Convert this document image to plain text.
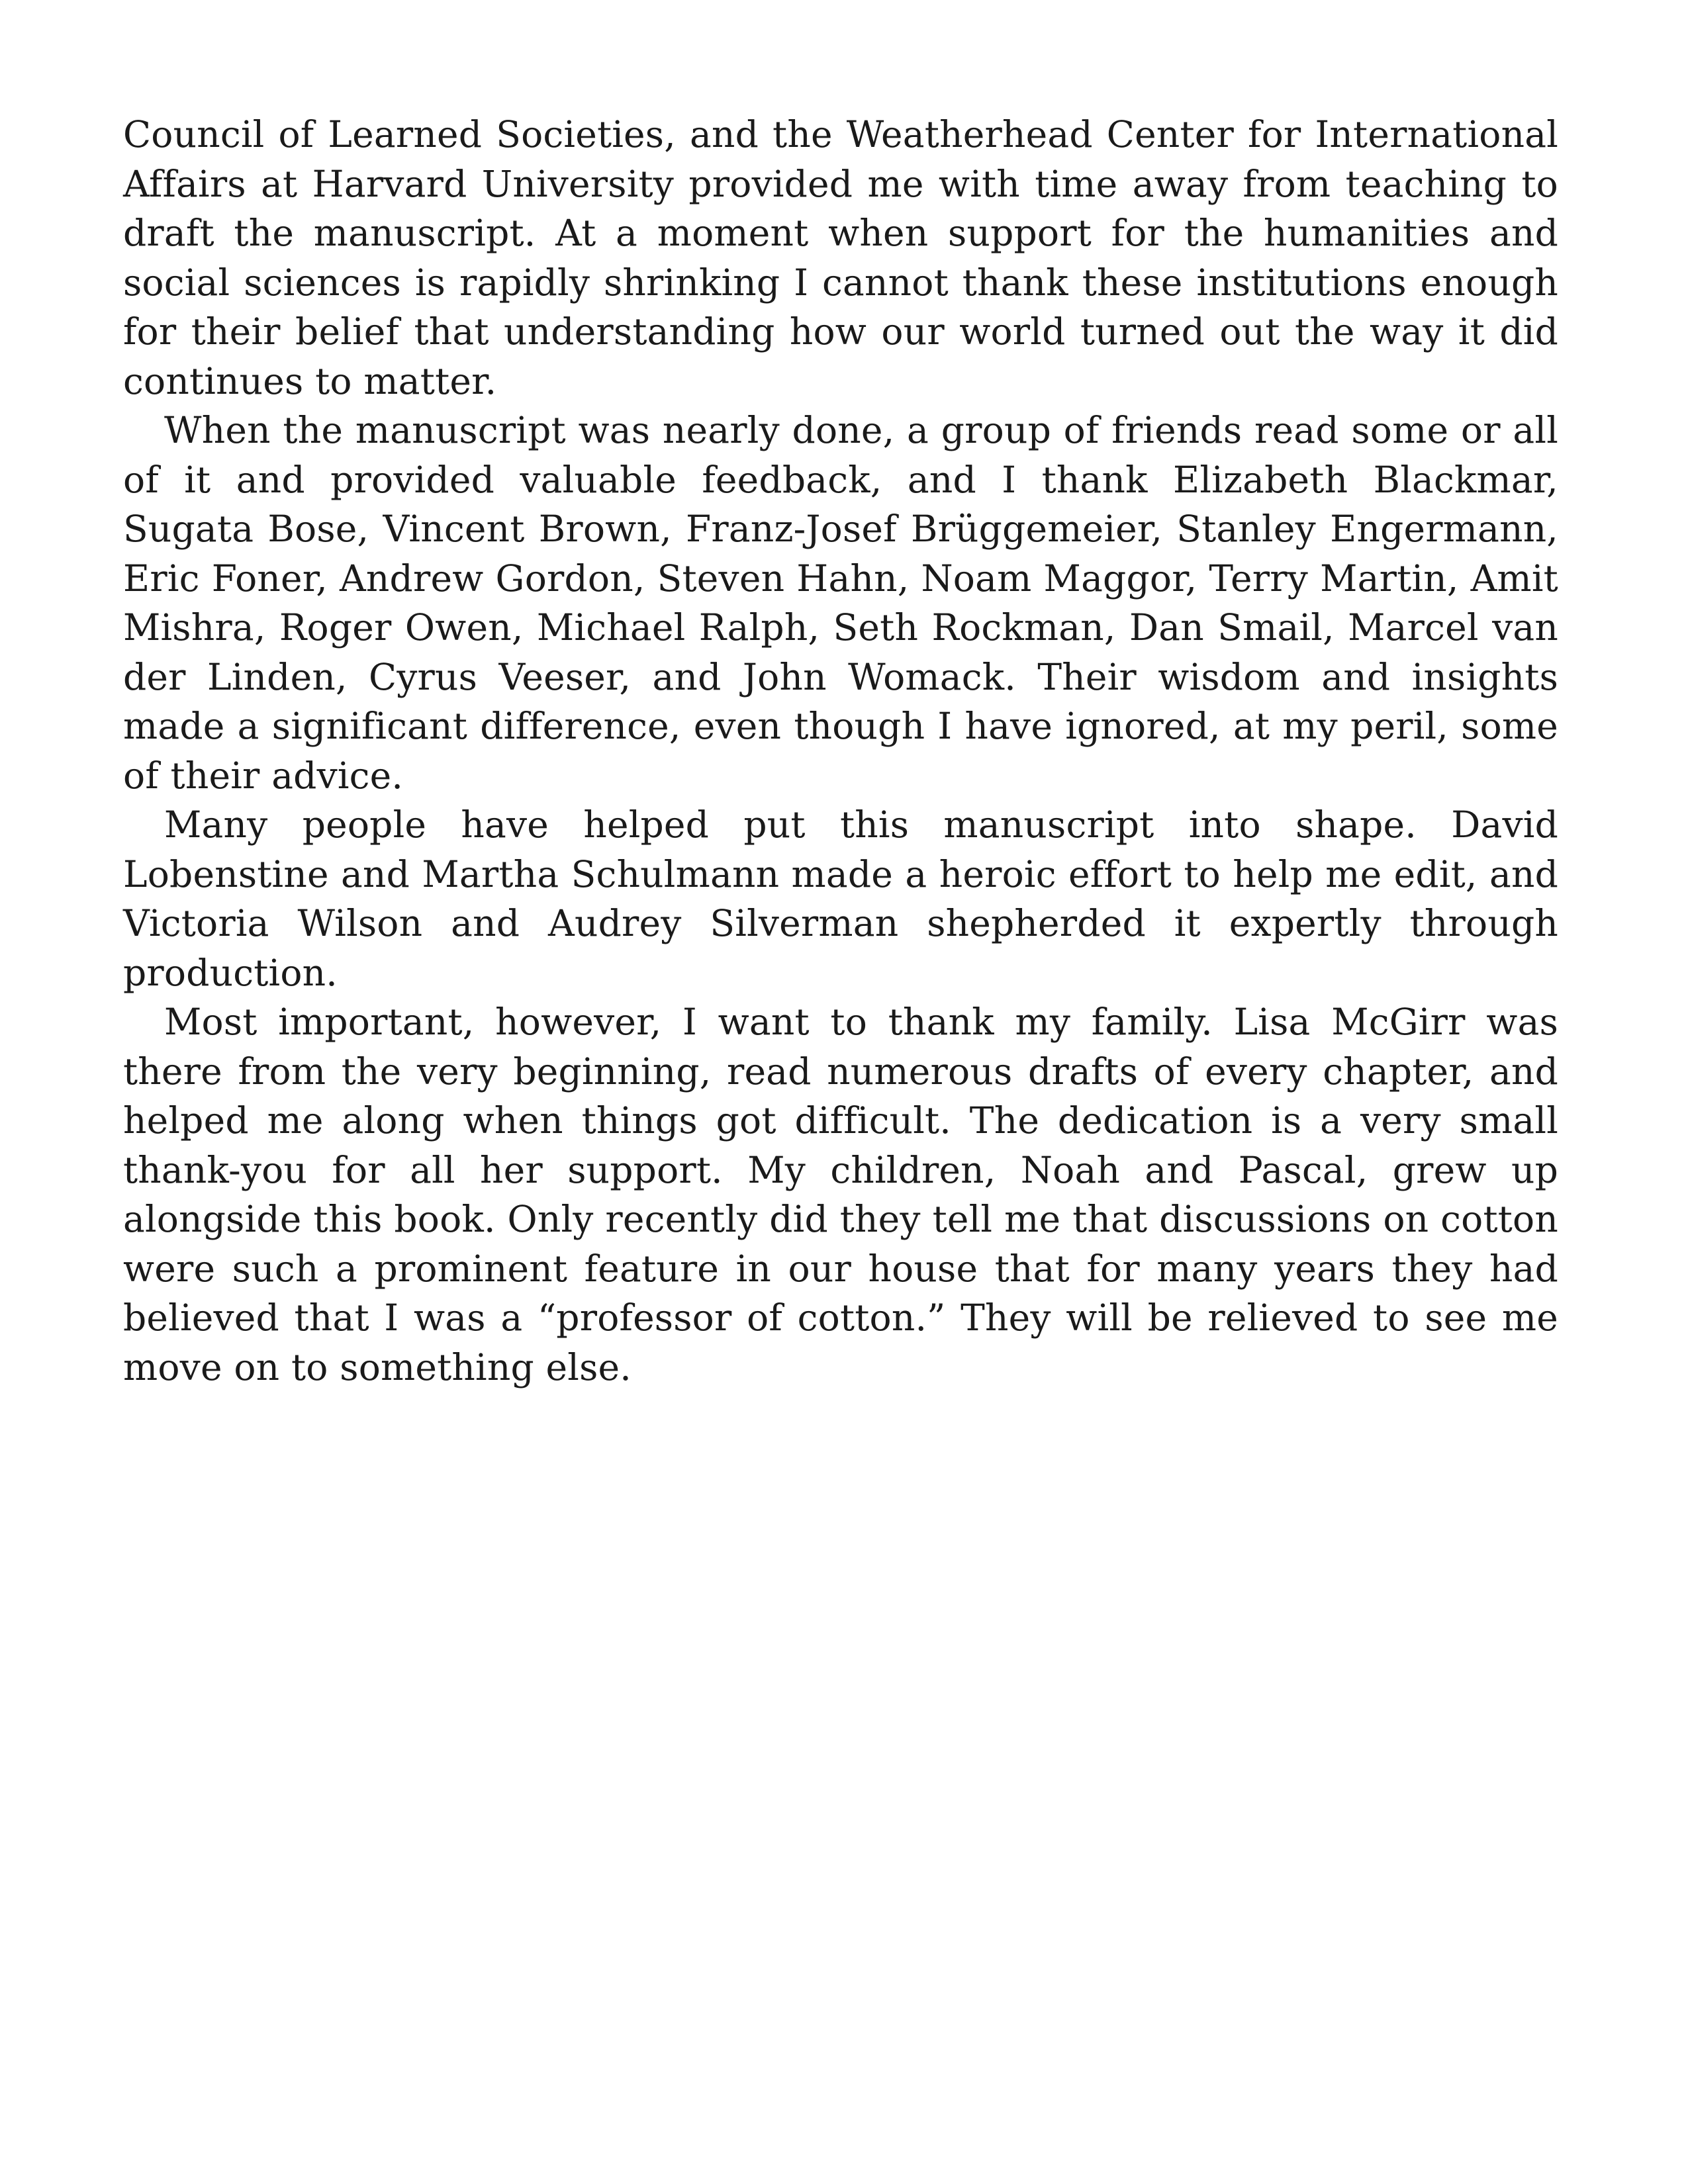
Council of Learned Societies, and the Weatherhead Center for International Affairs at Harvard University provided me with time away from teaching to draft the manuscript. At a moment when support for the humanities and social sciences is rapidly shrinking I cannot thank these institutions enough for their belief that understanding how our world turned out the way it did continues to matter.

When the manuscript was nearly done, a group of friends read some or all of it and provided valuable feedback, and I thank Elizabeth Blackmar, Sugata Bose, Vincent Brown, Franz-Josef Brüggemeier, Stanley Engermann, Eric Foner, Andrew Gordon, Steven Hahn, Noam Maggor, Terry Martin, Amit Mishra, Roger Owen, Michael Ralph, Seth Rockman, Dan Smail, Marcel van der Linden, Cyrus Veeser, and John Womack. Their wisdom and insights made a significant difference, even though I have ignored, at my peril, some of their advice.

Many people have helped put this manuscript into shape. David Lobenstine and Martha Schulmann made a heroic effort to help me edit, and Victoria Wilson and Audrey Silverman shepherded it expertly through production.

Most important, however, I want to thank my family. Lisa McGirr was there from the very beginning, read numerous drafts of every chapter, and helped me along when things got difficult. The dedication is a very small thank-you for all her support. My children, Noah and Pascal, grew up alongside this book. Only recently did they tell me that discussions on cotton were such a prominent feature in our house that for many years they had believed that I was a “professor of cotton.” They will be relieved to see me move on to something else.
